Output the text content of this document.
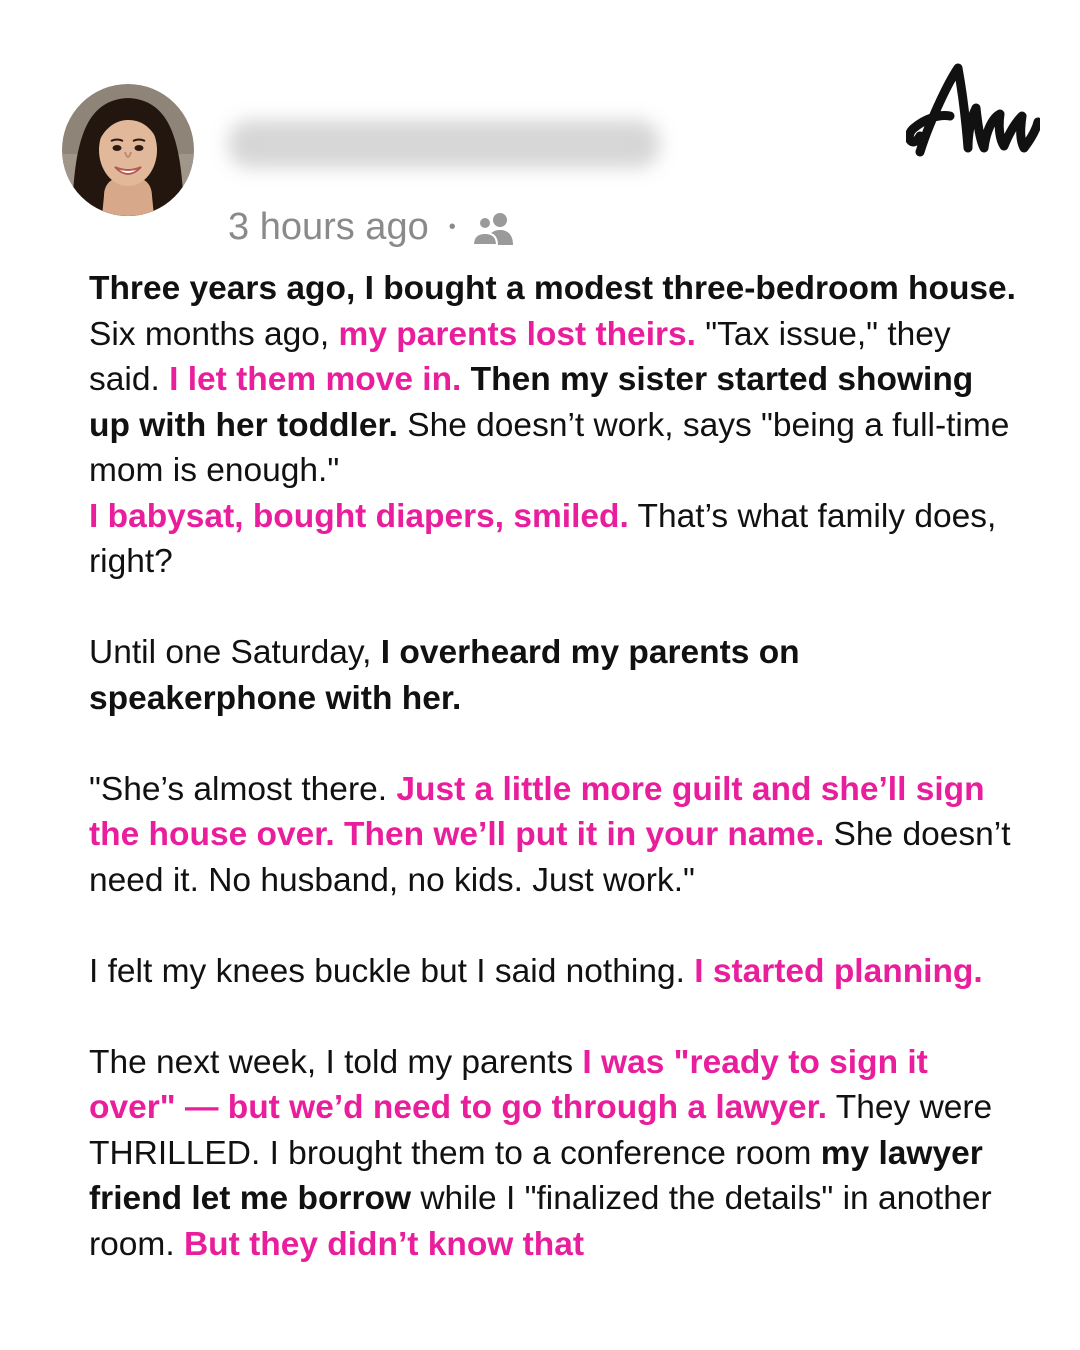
3 hours ago •

Three years ago, I bought a modest three-bedroom house. Six months ago, my parents lost theirs. "Tax issue," they said. I let them move in. Then my sister started showing up with her toddler. She doesn’t work, says "being a full-time mom is enough."
I babysat, bought diapers, smiled. That’s what family does, right?

Until one Saturday, I overheard my parents on speakerphone with her.

"She’s almost there. Just a little more guilt and she’ll sign the house over. Then we’ll put it in your name. She doesn’t need it. No husband, no kids. Just work."

I felt my knees buckle but I said nothing. I started planning.

The next week, I told my parents I was "ready to sign it over" — but we’d need to go through a lawyer. They were THRILLED. I brought them to a conference room my lawyer friend let me borrow while I "finalized the details" in another room. But they didn’t know that
